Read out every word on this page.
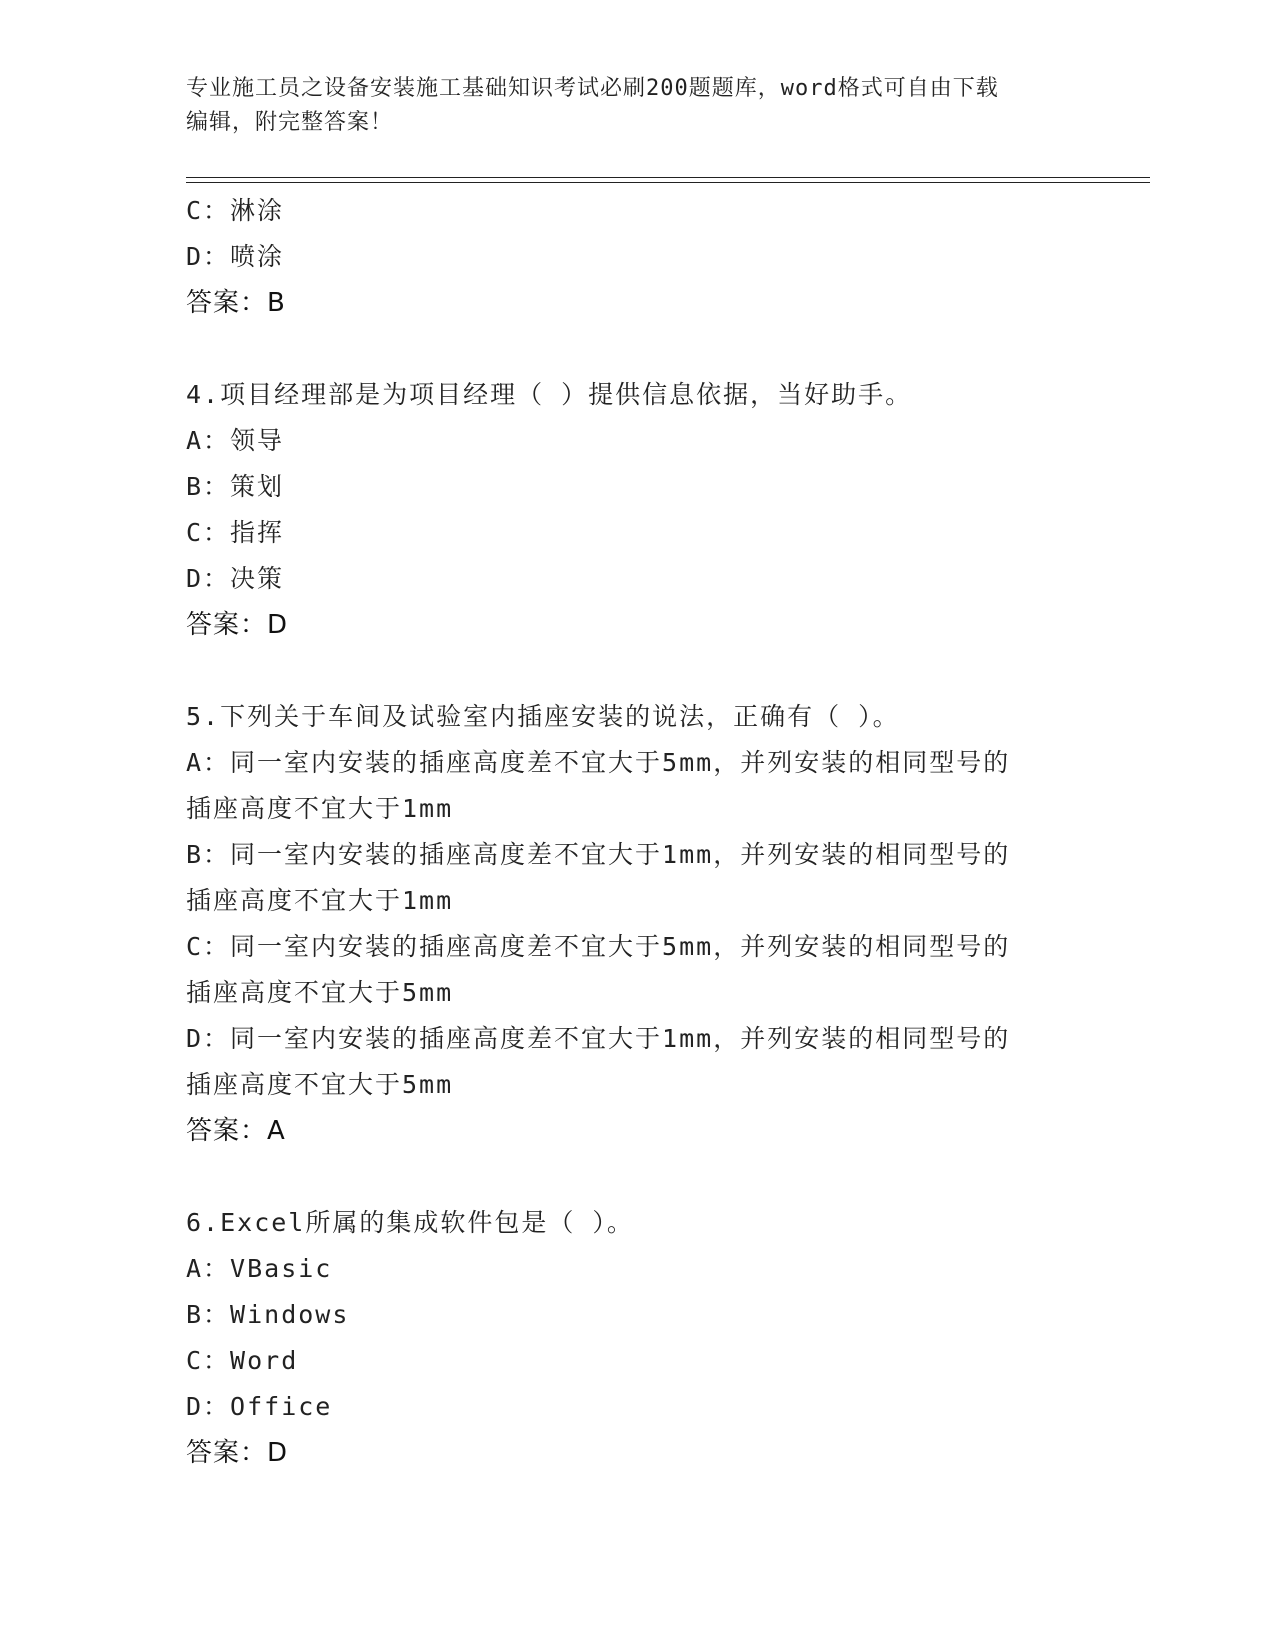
专业施工员之设备安装施工基础知识考试必刷200题题库，word格式可自由下载
编辑，附完整答案！
C：淋涂
D：喷涂
答案：B
4.项目经理部是为项目经理（ ）提供信息依据，当好助手。
A：领导
B：策划
C：指挥
D：决策
答案：D
5.下列关于车间及试验室内插座安装的说法，正确有（ ）。
A：同一室内安装的插座高度差不宜大于5mm，并列安装的相同型号的
插座高度不宜大于1mm
B：同一室内安装的插座高度差不宜大于1mm，并列安装的相同型号的
插座高度不宜大于1mm
C：同一室内安装的插座高度差不宜大于5mm，并列安装的相同型号的
插座高度不宜大于5mm
D：同一室内安装的插座高度差不宜大于1mm，并列安装的相同型号的
插座高度不宜大于5mm
答案：A
6.Excel所属的集成软件包是（ ）。
A：VBasic
B：Windows
C：Word
D：Office
答案：D
